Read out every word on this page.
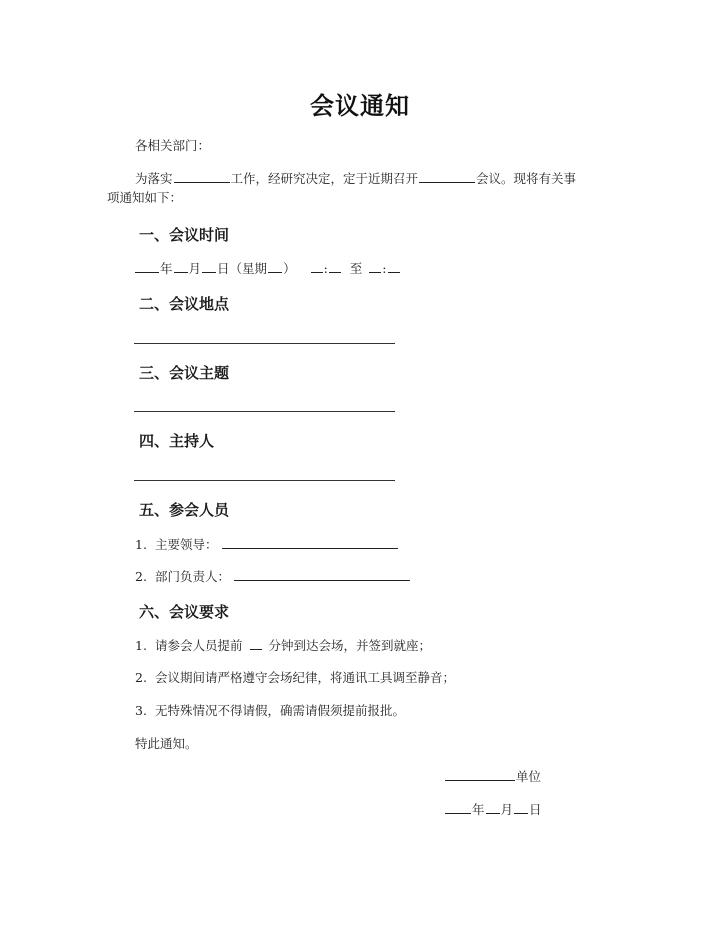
会议通知
各相关部门：
为落实	工作，经研究决定，定于近期召开	会议。现将有关事
项通知如下：
一、会议时间
年 月 日（星期 ） : 至 :
二、会议地点
三、会议主题
四、主持人
五、参会人员
1. 主要领导：
2. 部门负责人：
六、会议要求
1. 请参会人员提前 分钟到达会场，并签到就座；
2. 会议期间请严格遵守会场纪律，将通讯工具调至静音；
3. 无特殊情况不得请假，确需请假须提前报批。
特此通知。
单位
年 月 日
